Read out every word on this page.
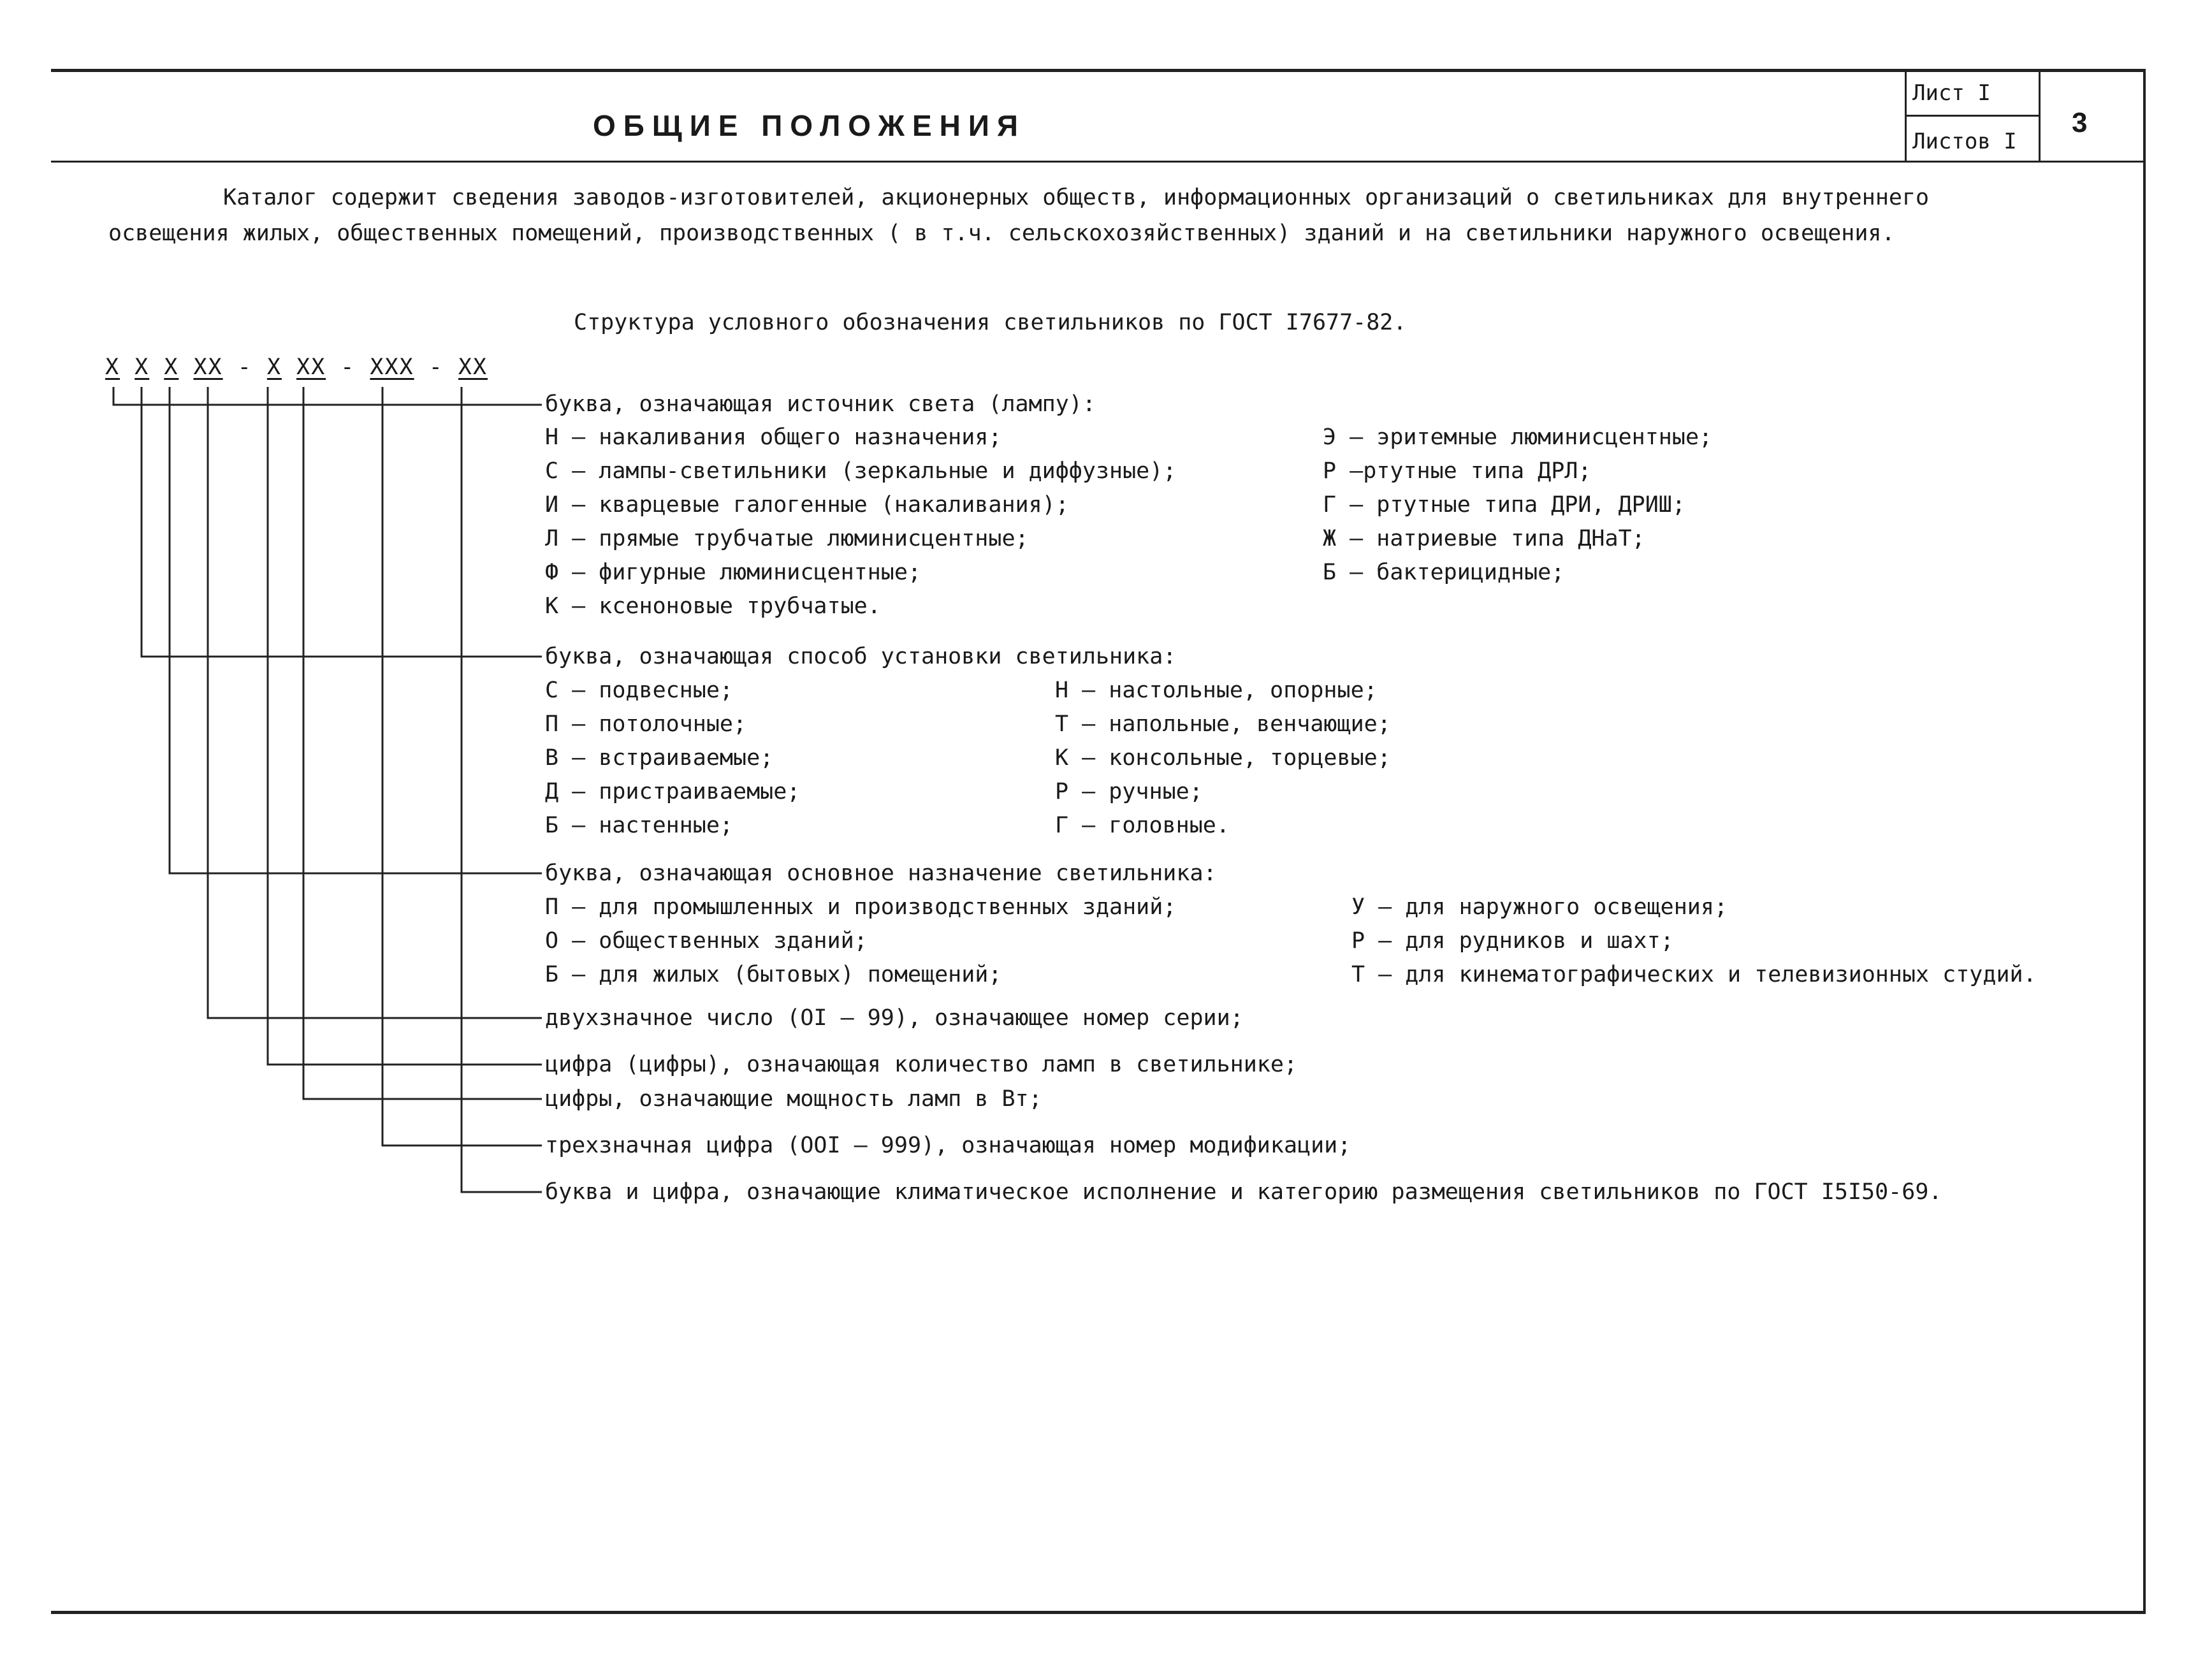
ОБЩИЕ ПОЛОЖЕНИЯ
Лист I
Листов I
3
Каталог содержит сведения заводов-изготовителей, акционерных обществ, информационных организаций о светильниках для внутреннего
освещения жилых, общественных помещений, производственных ( в т.ч. сельскохозяйственных) зданий и на светильники наружного освещения.
Структура условного обозначения светильников по ГОСТ I7677-82.
Х Х Х ХХ - Х ХХ - ХХХ - ХХ
буква, означающая источник света (лампу):
Н – накаливания общего назначения;
С – лампы-светильники (зеркальные и диффузные);
И – кварцевые галогенные (накаливания);
Л – прямые трубчатые люминисцентные;
Ф – фигурные люминисцентные;
К – ксеноновые трубчатые.
Э – эритемные люминисцентные;
Р –ртутные типа ДРЛ;
Г – ртутные типа ДРИ, ДРИШ;
Ж – натриевые типа ДНаТ;
Б – бактерицидные;
буква, означающая способ установки светильника:
С – подвесные;
П – потолочные;
В – встраиваемые;
Д – пристраиваемые;
Б – настенные;
Н – настольные, опорные;
Т – напольные, венчающие;
К – консольные, торцевые;
Р – ручные;
Г – головные.
буква, означающая основное назначение светильника:
П – для промышленных и производственных зданий;
О – общественных зданий;
Б – для жилых (бытовых) помещений;
У – для наружного освещения;
Р – для рудников и шахт;
Т – для кинематографических и телевизионных студий.
двухзначное число (ОI – 99), означающее номер серии;
цифра (цифры), означающая количество ламп в светильнике;
цифры, означающие мощность ламп в Вт;
трехзначная цифра (ООI – 999), означающая номер модификации;
буква и цифра, означающие климатическое исполнение и категорию размещения светильников по ГОСТ I5I50-69.
